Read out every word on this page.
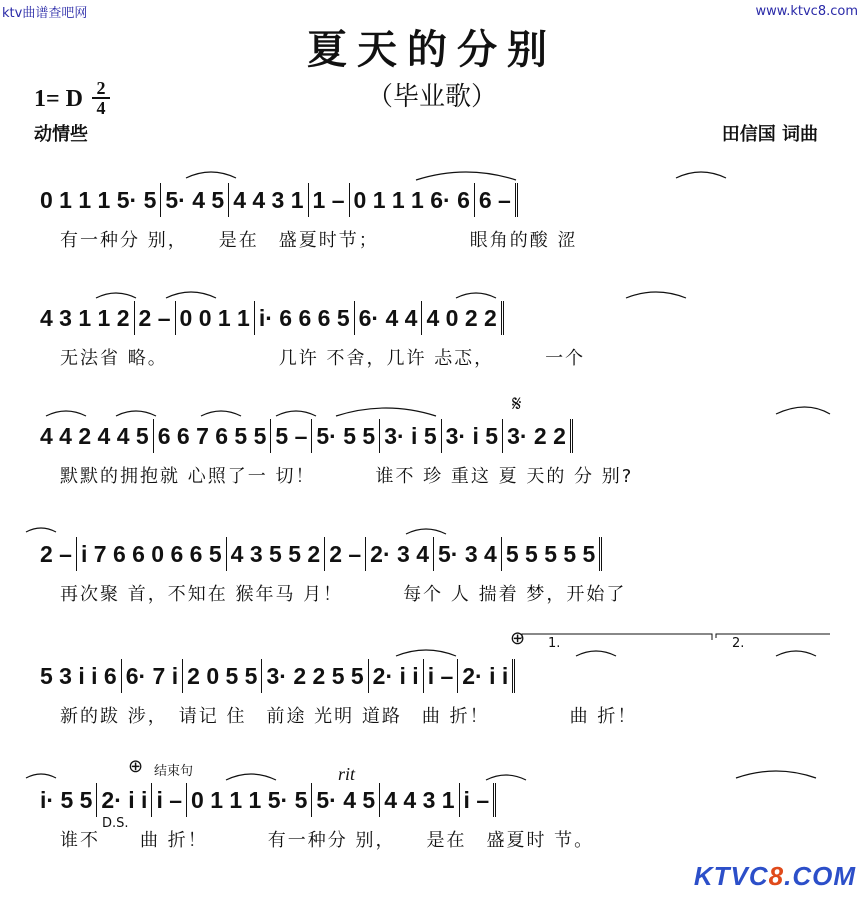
ktv曲谱查吧网	www.ktvc8.com
夏天的分别
（毕业歌）
1= D 2
4
动情些	田信国 词曲
0 1 1 1 5· 5 5· 4 5 4 4 3 1 1 – 0 1 1 1 6· 6 6 –
有一种分 别，　　是在　盛夏时节；　　　　　眼角的酸 涩
4 3 1 1 2 2 – 0 0 1 1 i· 6 6 6 5 6· 4 4 4 0 2 2
无法省 略。　　　　　　几许 不舍，几许 忐忑，　　　一个
𝄋
4 4 2 4 4 5 6 6 7 6 5 5 5 – 5· 5 5 3· i 5 3· i 5 3· 2 2
默默的拥抱就 心照了一 切！　　　谁不 珍 重这 夏 天的 分 别?
2 – i 7 6 6 0 6 6 5 4 3 5 5 2 2 – 2· 3 4 5· 3 4 5 5 5 5 5
再次聚 首，不知在 猴年马 月！　　　每个 人 揣着 梦，开始了
⊕ 1.	2.
5 3 i i 6 6· 7 i 2 0 5 5 3· 2 2 5 5 2· i i i – 2· i i
新的跋 涉，　请记 住　前途 光明 道路　曲 折！　　　　曲 折！
⊕ 结束句	rit
D.S.
i· 5 5 2· i i i – 0 1 1 1 5· 5 5· 4 5 4 4 3 1 i –
谁不　　曲 折！　　　有一种分 别，　　是在　盛夏时 节。
KTVC8.COM
